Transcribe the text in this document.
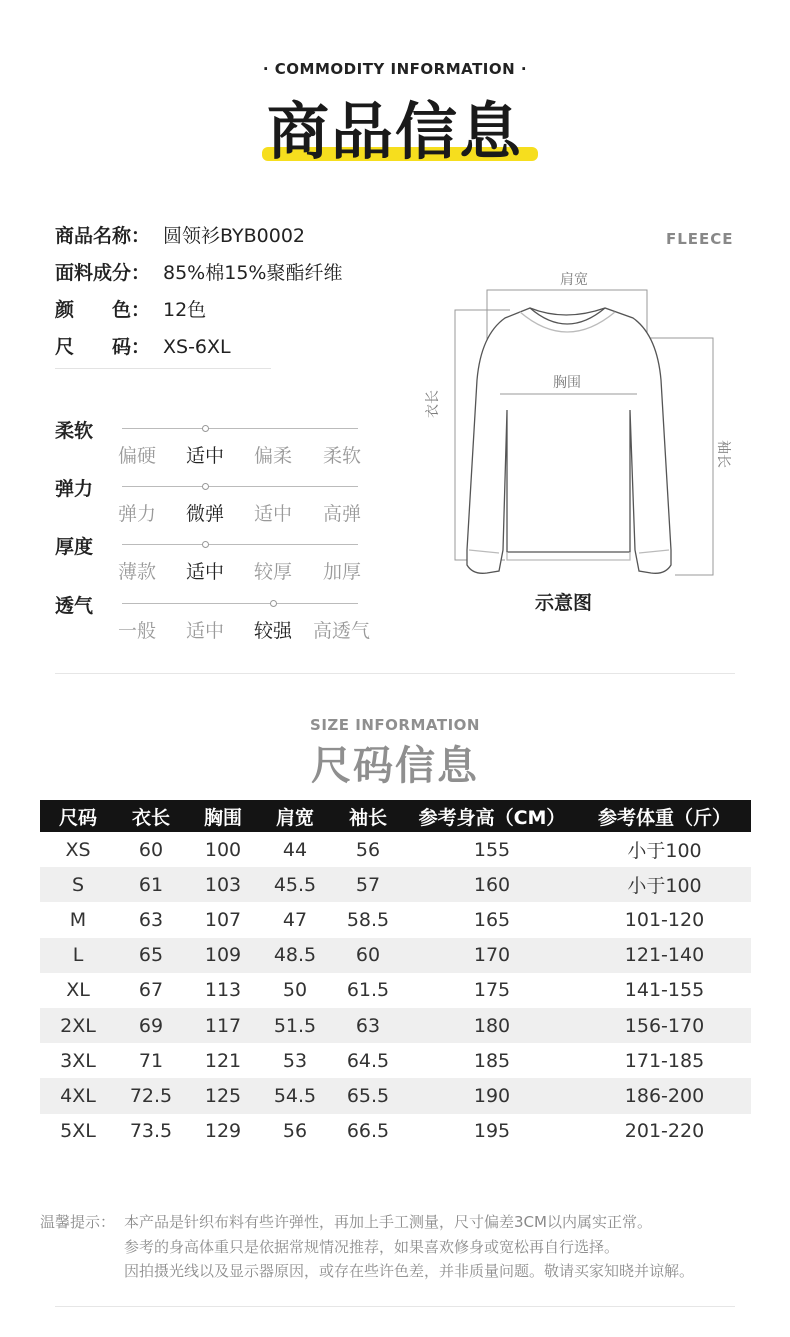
· COMMODITY INFORMATION ·
商品信息
商品名称： 圆领衫BYB0002
面料成分： 85%棉15%聚酯纤维
颜　　色： 12色
尺　　码： XS-6XL
柔软
偏硬 适中 偏柔 柔软
弹力
弹力 微弹 适中 高弹
厚度
薄款 适中 较厚 加厚
透气
一般 适中 较强 高透气
FLEECE
肩宽
衣长
袖长
胸围
示意图
SIZE INFORMATION
尺码信息
尺码	衣长	胸围	肩宽	袖长	参考身高（CM）	参考体重（斤）
XS	60	100	44	56	155	小于100
S	61	103	45.5	57	160	小于100
M	63	107	47	58.5	165	101-120
L	65	109	48.5	60	170	121-140
XL	67	113	50	61.5	175	141-155
2XL	69	117	51.5	63	180	156-170
3XL	71	121	53	64.5	185	171-185
4XL	72.5	125	54.5	65.5	190	186-200
5XL	73.5	129	56	66.5	195	201-220
温馨提示： 本产品是针织布料有些许弹性，再加上手工测量，尺寸偏差3CM以内属实正常。
参考的身高体重只是依据常规情况推荐，如果喜欢修身或宽松再自行选择。
因拍摄光线以及显示器原因，或存在些许色差，并非质量问题。敬请买家知晓并谅解。
